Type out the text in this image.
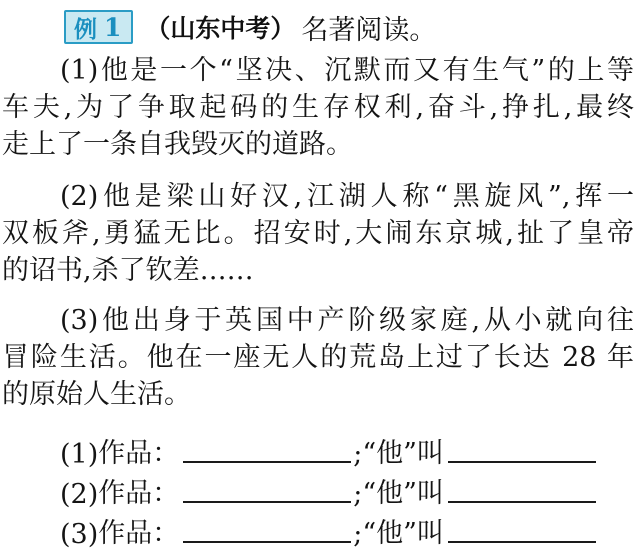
例 1 （山东中考） 名著阅读。
(1)他是一个“坚决、沉默而又有生气”的上等
车夫,为了争取起码的生存权利,奋斗,挣扎,最终
走上了一条自我毁灭的道路。
(2)他是梁山好汉,江湖人称“黑旋风”,挥一
双板斧,勇猛无比。招安时,大闹东京城,扯了皇帝
的诏书,杀了钦差……
(3)他出身于英国中产阶级家庭,从小就向往
冒险生活。他在一座无人的荒岛上过了长达 28 年
的原始人生活。
(1) 作品：	; “他”叫
(2) 作品：	; “他”叫
(3) 作品：	; “他”叫
